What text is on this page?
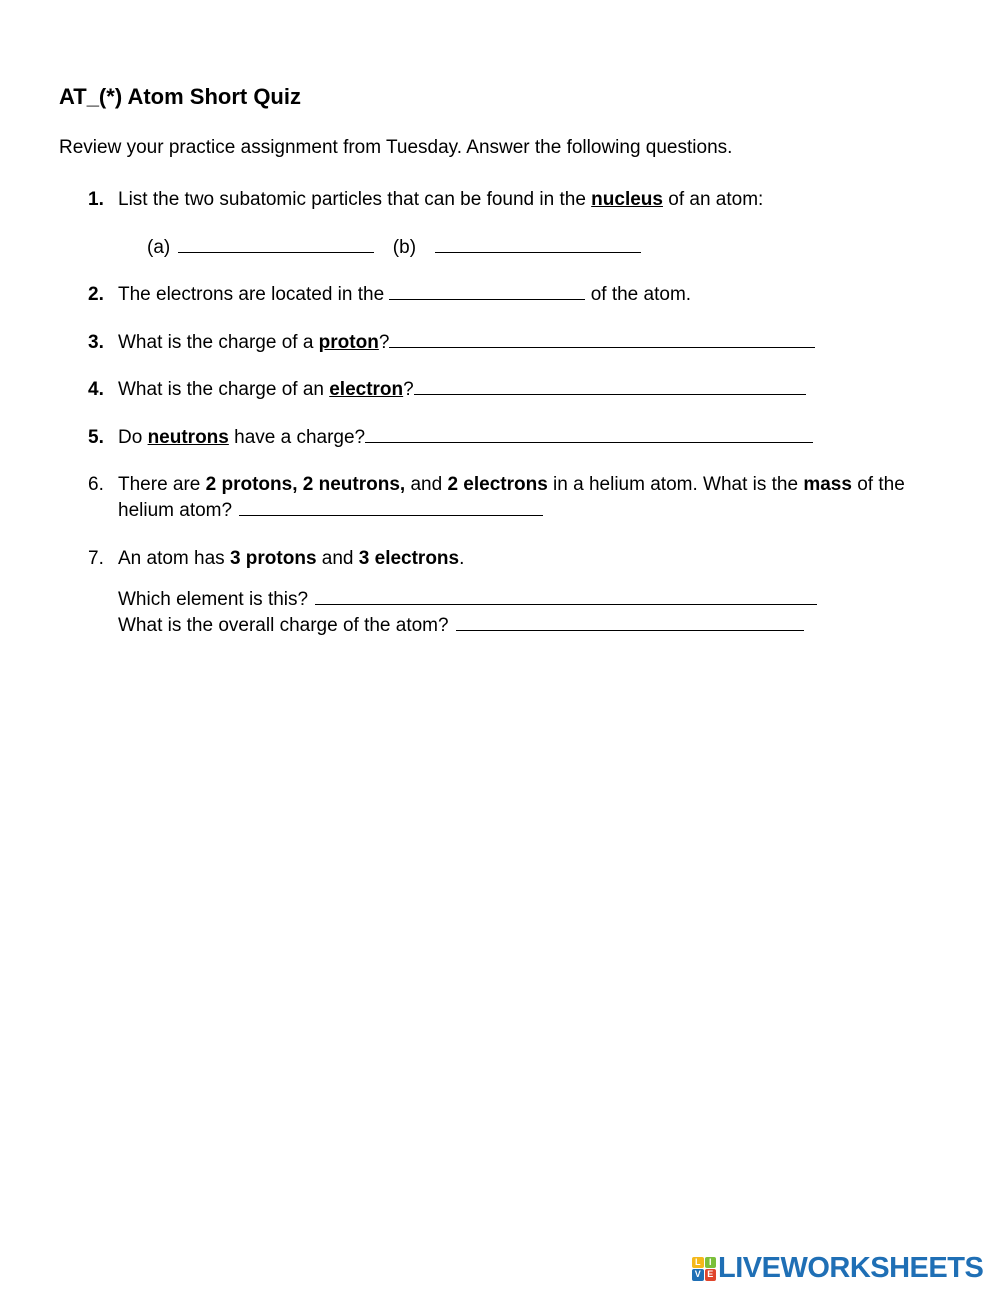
AT_(*) Atom Short Quiz
Review your practice assignment from Tuesday. Answer the following questions.
1. List the two subatomic particles that can be found in the nucleus of an atom:
(a)	(b)
2. The electrons are located in the	of the atom.
3. What is the charge of a proton?
4. What is the charge of an electron?
5. Do neutrons have a charge?
6. There are 2 protons, 2 neutrons, and 2 electrons in a helium atom. What is the mass of the
helium atom?
7. An atom has 3 protons and 3 electrons.
Which element is this?
What is the overall charge of the atom?
L I
V E LIVEWORKSHEETS
